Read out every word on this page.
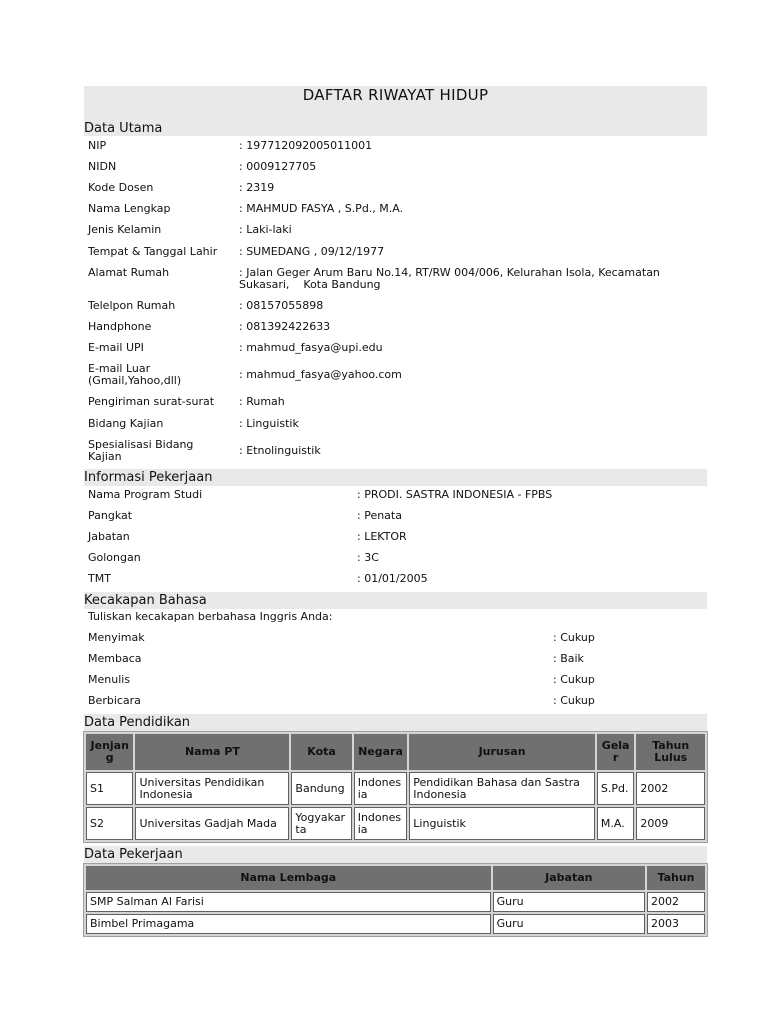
DAFTAR RIWAYAT HIDUP
Data Utama
NIP	: 197712092005011001
NIDN	: 0009127705
Kode Dosen	: 2319
Nama Lengkap	: MAHMUD FASYA , S.Pd., M.A.
Jenis Kelamin	: Laki-laki
Tempat & Tanggal Lahir : SUMEDANG , 09/12/1977
Alamat Rumah	: Jalan Geger Arum Baru No.14, RT/RW 004/006, Kelurahan Isola, Kecamatan
Sukasari,    Kota Bandung
Telelpon Rumah	: 08157055898
Handphone	: 081392422633
E-mail UPI	: mahmud_fasya@upi.edu
E-mail Luar
(Gmail,Yahoo,dll)	: mahmud_fasya@yahoo.com
Pengiriman surat-surat : Rumah
Bidang Kajian	: Linguistik
Spesialisasi Bidang
Kajian	: Etnolinguistik
Informasi Pekerjaan
Nama Program Studi	: PRODI. SASTRA INDONESIA - FPBS
Pangkat	: Penata
Jabatan	: LEKTOR
Golongan	: 3C
TMT	: 01/01/2005
Kecakapan Bahasa
Tuliskan kecakapan berbahasa Inggris Anda:
Menyimak	: Cukup
Membaca	: Baik
Menulis	: Cukup
Berbicara	: Cukup
Data Pendidikan
Jenjan
g	Nama PT	Kota	Negara	Jurusan	Gela
r	Tahun
Lulus
S1	Universitas Pendidikan Indonesia	Bandung	Indonesia	Pendidikan Bahasa dan Sastra Indonesia	S.Pd.	2002
S2	Universitas Gadjah Mada	Yogyakarta	Indonesia	Linguistik	M.A.	2009
Data Pekerjaan
Nama Lembaga	Jabatan	Tahun
SMP Salman Al Farisi	Guru	2002
Bimbel Primagama	Guru	2003
